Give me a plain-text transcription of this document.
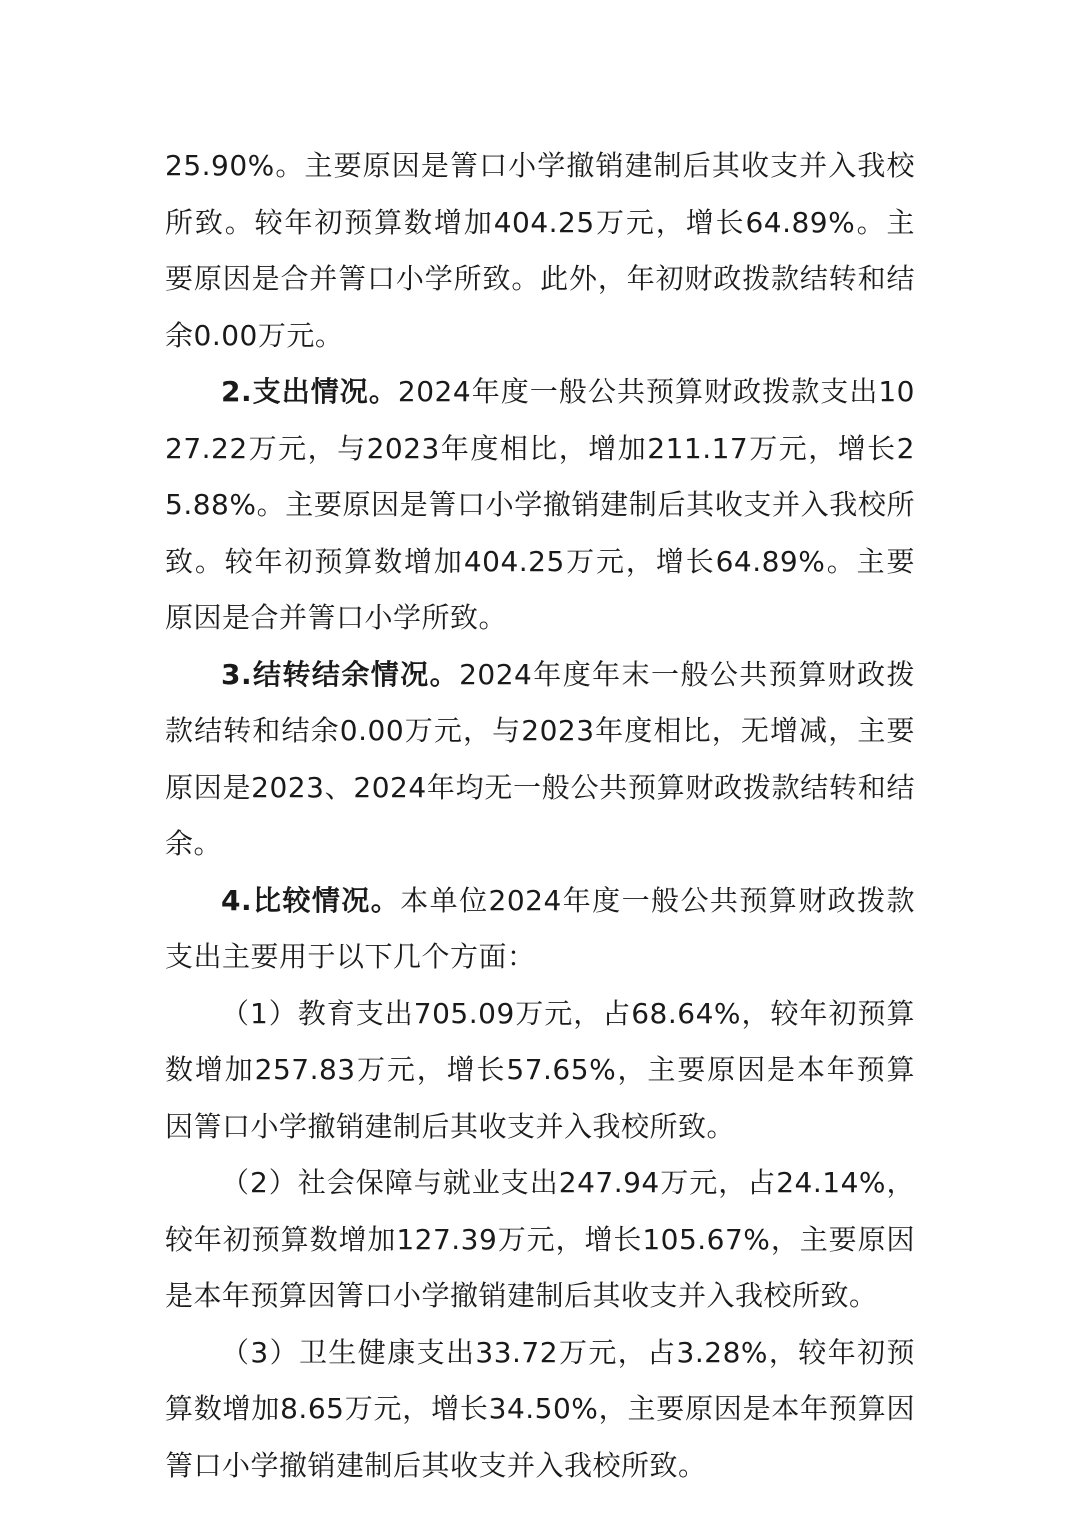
25.90%。主要原因是箐口小学撤销建制后其收支并入我校所致。较年初预算数增加404.25万元，增长64.89%。主要原因是合并箐口小学所致。此外，年初财政拨款结转和结余0.00万元。

2.支出情况。2024年度一般公共预算财政拨款支出1027.22万元，与2023年度相比，增加211.17万元，增长25.88%。主要原因是箐口小学撤销建制后其收支并入我校所致。较年初预算数增加404.25万元，增长64.89%。主要原因是合并箐口小学所致。

3.结转结余情况。2024年度年末一般公共预算财政拨款结转和结余0.00万元，与2023年度相比，无增减，主要原因是2023、2024年均无一般公共预算财政拨款结转和结余。

4.比较情况。本单位2024年度一般公共预算财政拨款支出主要用于以下几个方面：

（1）教育支出705.09万元，占68.64%，较年初预算数增加257.83万元，增长57.65%，主要原因是本年预算因箐口小学撤销建制后其收支并入我校所致。

（2）社会保障与就业支出247.94万元，占24.14%，较年初预算数增加127.39万元，增长105.67%，主要原因是本年预算因箐口小学撤销建制后其收支并入我校所致。

（3）卫生健康支出33.72万元，占3.28%，较年初预算数增加8.65万元，增长34.50%，主要原因是本年预算因箐口小学撤销建制后其收支并入我校所致。
